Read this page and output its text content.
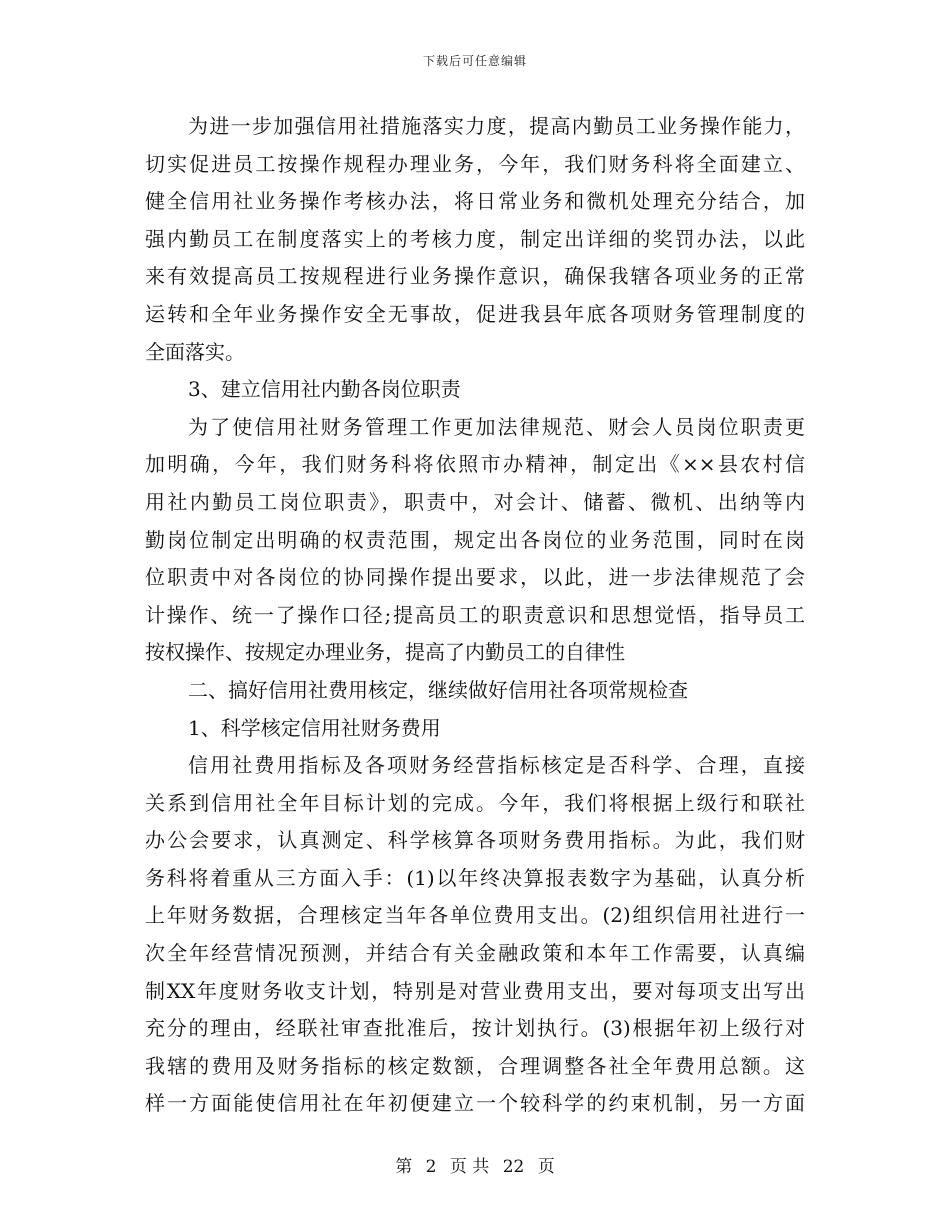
下载后可任意编辑
为进一步加强信用社措施落实力度，提高内勤员工业务操作能力，
切实促进员工按操作规程办理业务，今年，我们财务科将全面建立、
健全信用社业务操作考核办法，将日常业务和微机处理充分结合，加
强内勤员工在制度落实上的考核力度，制定出详细的奖罚办法，以此
来有效提高员工按规程进行业务操作意识，确保我辖各项业务的正常
运转和全年业务操作安全无事故，促进我县年底各项财务管理制度的
全面落实。
3、建立信用社内勤各岗位职责
为了使信用社财务管理工作更加法律规范、财会人员岗位职责更
加明确，今年，我们财务科将依照市办精神，制定出《××县农村信
用社内勤员工岗位职责》，职责中，对会计、储蓄、微机、出纳等内
勤岗位制定出明确的权责范围，规定出各岗位的业务范围，同时在岗
位职责中对各岗位的协同操作提出要求，以此，进一步法律规范了会
计操作、统一了操作口径;提高员工的职责意识和思想觉悟，指导员工
按权操作、按规定办理业务，提高了内勤员工的自律性
二、搞好信用社费用核定，继续做好信用社各项常规检查
1、科学核定信用社财务费用
信用社费用指标及各项财务经营指标核定是否科学、合理，直接
关系到信用社全年目标计划的完成。今年，我们将根据上级行和联社
办公会要求，认真测定、科学核算各项财务费用指标。为此，我们财
务科将着重从三方面入手：(1)以年终决算报表数字为基础，认真分析
上年财务数据，合理核定当年各单位费用支出。(2)组织信用社进行一
次全年经营情况预测，并结合有关金融政策和本年工作需要，认真编
制XX年度财务收支计划，特别是对营业费用支出，要对每项支出写出
充分的理由，经联社审查批准后，按计划执行。(3)根据年初上级行对
我辖的费用及财务指标的核定数额，合理调整各社全年费用总额。这
样一方面能使信用社在年初便建立一个较科学的约束机制，另一方面
第 2 页 共 22 页
